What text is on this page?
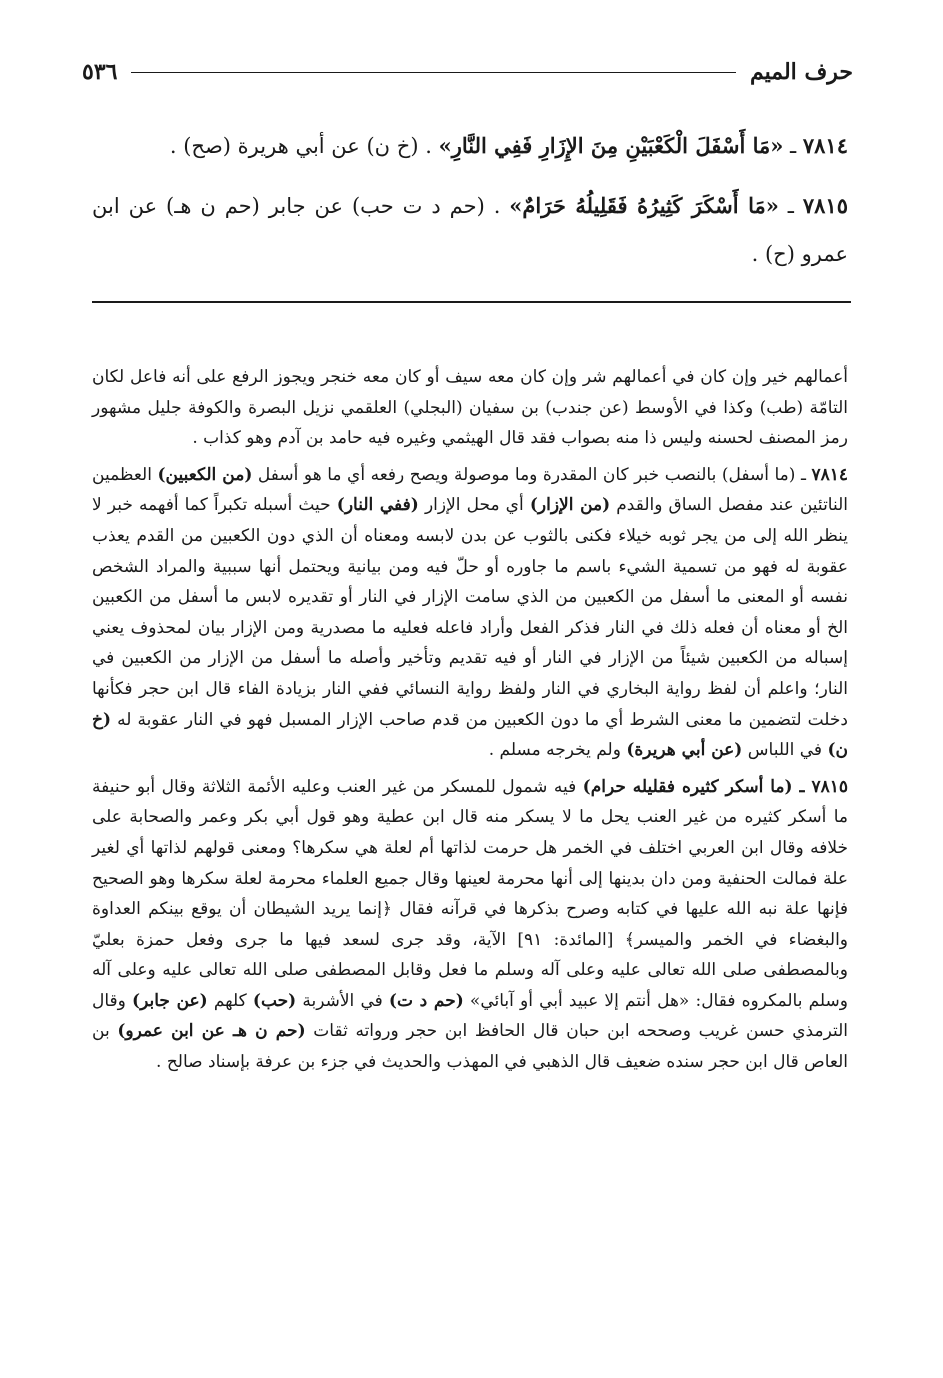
حرف الميم
٥٣٦

٧٨١٤ ـ «مَا أَسْفَلَ الْكَعْبَيْنِ مِنَ الإِزَارِ فَفِي النَّارِ» . (خ ن) عن أبي هريرة (صح) .

٧٨١٥ ـ «مَا أَسْكَرَ كَثِيرُهُ فَقَلِيلُهُ حَرَامٌ» . (حم د ت حب) عن جابر (حم ن هـ) عن ابن عمرو (ح) .

أعمالهم خير وإن كان في أعمالهم شر وإن كان معه سيف أو كان معه خنجر ويجوز الرفع على أنه فاعل لكان التامّة (طب) وكذا في الأوسط (عن جندب) بن سفيان (البجلي) العلقمي نزيل البصرة والكوفة جليل مشهور رمز المصنف لحسنه وليس ذا منه بصواب فقد قال الهيثمي وغيره فيه حامد بن آدم وهو كذاب .

٧٨١٤ ـ (ما أسفل) بالنصب خبر كان المقدرة وما موصولة ويصح رفعه أي ما هو أسفل (من الكعبين) العظمين الناتئين عند مفصل الساق والقدم (من الإزار) أي محل الإزار (ففي النار) حيث أسبله تكبراً كما أفهمه خبر لا ينظر الله إلى من يجر ثوبه خيلاء فكنى بالثوب عن بدن لابسه ومعناه أن الذي دون الكعبين من القدم يعذب عقوبة له فهو من تسمية الشيء باسم ما جاوره أو حلّ فيه ومن بيانية ويحتمل أنها سببية والمراد الشخص نفسه أو المعنى ما أسفل من الكعبين من الذي سامت الإزار في النار أو تقديره لابس ما أسفل من الكعبين الخ أو معناه أن فعله ذلك في النار فذكر الفعل وأراد فاعله فعليه ما مصدرية ومن الإزار بيان لمحذوف يعني إسباله من الكعبين شيئاً من الإزار في النار أو فيه تقديم وتأخير وأصله ما أسفل من الإزار من الكعبين في النار؛ واعلم أن لفظ رواية البخاري في النار ولفظ رواية النسائي ففي النار بزيادة الفاء قال ابن حجر فكأنها دخلت لتضمين ما معنى الشرط أي ما دون الكعبين من قدم صاحب الإزار المسبل فهو في النار عقوبة له (خ ن) في اللباس (عن أبي هريرة) ولم يخرجه مسلم .

٧٨١٥ ـ (ما أسكر كثيره فقليله حرام) فيه شمول للمسكر من غير العنب وعليه الأئمة الثلاثة وقال أبو حنيفة ما أسكر كثيره من غير العنب يحل ما لا يسكر منه قال ابن عطية وهو قول أبي بكر وعمر والصحابة على خلافه وقال ابن العربي اختلف في الخمر هل حرمت لذاتها أم لعلة هي سكرها؟ ومعنى قولهم لذاتها أي لغير علة فمالت الحنفية ومن دان بدينها إلى أنها محرمة لعينها وقال جميع العلماء محرمة لعلة سكرها وهو الصحيح فإنها علة نبه الله عليها في كتابه وصرح بذكرها في قرآنه فقال ﴿إنما يريد الشيطان أن يوقع بينكم العداوة والبغضاء في الخمر والميسر﴾ [المائدة: ٩١] الآية، وقد جرى لسعد فيها ما جرى وفعل حمزة بعليّ وبالمصطفى صلى الله تعالى عليه وعلى آله وسلم ما فعل وقابل المصطفى صلى الله تعالى عليه وعلى آله وسلم بالمكروه فقال: «هل أنتم إلا عبيد أبي أو آبائي» (حم د ت) في الأشربة (حب) كلهم (عن جابر) وقال الترمذي حسن غريب وصححه ابن حبان قال الحافظ ابن حجر ورواته ثقات (حم ن هـ عن ابن عمرو) بن العاص قال ابن حجر سنده ضعيف قال الذهبي في المهذب والحديث في جزء بن عرفة بإسناد صالح .
